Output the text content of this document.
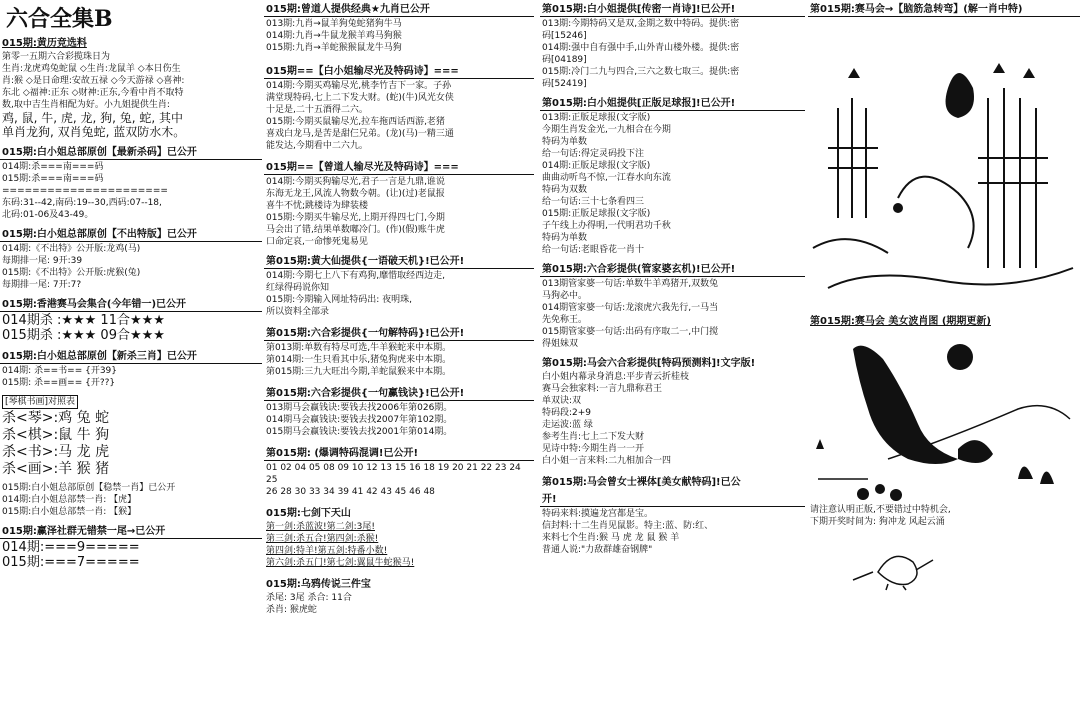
六合全集B
015期:黄历竞选料
第零一五期六合彩揽珠日为
生肖:龙虎鸡兔蛇鼠 ◇生肖:龙鼠羊 ◇本日伤生
肖:猴 ◇是日命理:安故五禄 ◇今天游禄 ◇喜神:
东北 ◇福神:正东 ◇财神:正东,今看中肖不取特
数,取中吉生肖相配为好。小九姐提供生肖:
鸡, 鼠, 牛, 虎, 龙, 狗, 兔, 蛇, 其中
单肖龙狗, 双肖兔蛇, 蓝双防水木。
015期:白小姐总部原创【最新杀码】已公开
014期:杀===南===码
015期:杀===南===码
======================
东码:31--42,南码:19--30,西码:07--18,
北码:01-06及43-49。
015期:白小姐总部原创【不出特版】已公开
014期:《不出特》公开版:龙鸡(马)
每期排一尾: 9开:39
015期:《不出特》公开版:虎猴(兔)
每期排一尾: 7开:7?
015期:香港赛马会集合(今年错一)已公开
014期杀 :★★★ 11合★★★
015期杀 :★★★ 09合★★★
015期:白小姐总部原创【新杀三肖】已公开
014期: 杀==书== {开39}
015期: 杀==画== {开??}
[琴棋书画]对照表
杀<琴>:鸡 兔 蛇
杀<棋>:鼠 牛 狗
杀<书>:马 龙 虎
杀<画>:羊 猴 猪
015期:白小姐总部原创【稳禁一肖】已公开
014期:白小姐总部禁一肖: 【虎】
015期:白小姐总部禁一肖: 【猴】
015期:赢泽社群无错禁一尾→已公开
014期:===9=====
015期:===7=====
015期:曾道人提供经典★九肖已公开
013期:九肖→鼠羊狗兔蛇猪狗牛马
014期:九肖→牛鼠龙猴羊鸡马狗猴
015期:九肖→羊蛇猴猴鼠龙牛马狗
015期==【白小姐输尽光及特码诗】===
014期:今期买鸡输尽光,桃李竹吉下一家。子孙
满堂现特码,七上二下发大财。(蛇)(牛)风光女侠
十足是,二十五酒得二六。
015期:今期买鼠输尽光,拉车拖西话西游,老猪
喜戏白龙马,是苦是甜仨兄弟。(龙)(马)一精三通
能发达,今期看中二六九。
015期==【曾道人输尽光及特码诗】===
014期:今期买狗输尽光,君子一言是九鼎,谁说
东海无龙王,风流人物数今朝。(让)(过)老鼠报
喜牛不忧;跳楼诗为肆装楼
015期:今期买牛输尽光,上期开得四七门,今期
马会出了错,结果单数嘟冷门。(作)(假)账牛虎
口命定哀,一命惨死鬼易见
第015期:黄大仙提供{一语破天机}!已公开!
014期:今期七上八下有鸡狗,靡惜取经西边走,
红绿得码说你知
015期:今期输入网址特码出: 夜明珠,
所以资料全部录
第015期:六合彩提供{一句解特码}!已公开!
第013期:单数有特尽可选,牛羊猴蛇来中本期。
第014期:一生只看其中乐,猪兔狗虎来中本期。
第015期:三九大旺出今期,羊蛇鼠猴来中本期。
第015期:六合彩提供{一句赢钱诀}!已公开!
013期马会赢钱诀:要钱去找2006年第026期。
014期马会赢钱诀:要钱去找2007年第102期。
015期马会赢钱诀:要钱去找2001年第014期。
第015期: (爆调特码混调!已公开!
01 02 04 05 08 09 10 12 13 15 16 18 19 20 21 22 23 24 25
26 28 30 33 34 39 41 42 43 45 46 48
015期:七剑下天山
第一剑:杀蓝波!第二剑:3尾!
第三剑:杀五合!第四剑:杀猴!
第四剑:特羊!第五剑:特番小数!
第六剑:杀五门!第七剑:翼鼠牛蛇猴马!
015期:乌鸦传说三件宝
杀尾: 3尾 杀合: 11合
杀肖: 猴虎蛇
第015期:白小姐提供[传密一肖诗]!已公开!
013期:今期特码又是双,金期之数中特码。提供:密
码[15246]
014期:强中自有强中手,山外青山楼外楼。提供:密
码[04189]
015期:冷门二九与四合,三六之数七取三。提供:密
码[52419]
第015期:白小姐提供[正版足球报]!已公开!
013期:正版足球报(文字版)
今期生肖发金光,一九相合在今期
特码为单数
给一句话:得定灵码投下注
014期:正版足球报(文字版)
曲曲动听鸟不惊,一江春水向东流
特码为双数
给一句话:三十七条看四三
015期:正版足球报(文字版)
子午线上办得明,一代明君功千秋
特码为单数
给一句话:老眼昏花一肖十
第015期:六合彩提供(管家婆玄机)!已公开!
013期管家婆一句话:单数牛羊鸡猪开,双数兔
马狗必中。
014期管家婆一句话:龙滚虎穴我先行,一马当
先免称王。
015期管家婆一句话:出码有序取二一,中门搅
得姐妹双
第015期:马会六合彩提供[特码预测料]!文字版!
白小姐内幕录身消息:平步青云折桂枝
赛马会独家料:一言九鼎称君王
单双诀:双
特码段:2+9
走运波:蓝 绿
参考生肖:七上二下发大财
见诗中特:今期生肖一一开
白小姐一言来料:二九相加合一四
第015期:马会曾女士裸体[美女献特码]!已公
开!
特码来料:摸遍龙宫都是宝。
信封料:十二生肖见鼠影。特主:蓝、防:红、
来料七个生肖:猴 马 虎 龙 鼠 猴 羊
普通人说:"力敌群雄奋钢牌"
第015期:赛马会→【脑筋急转弯】(解一肖中特)
第015期:赛马会 美女波肖图 (期期更新)
请注意认明正版,不要错过中特机会,
下期开奖时间为: 狗冲龙 风起云涌
